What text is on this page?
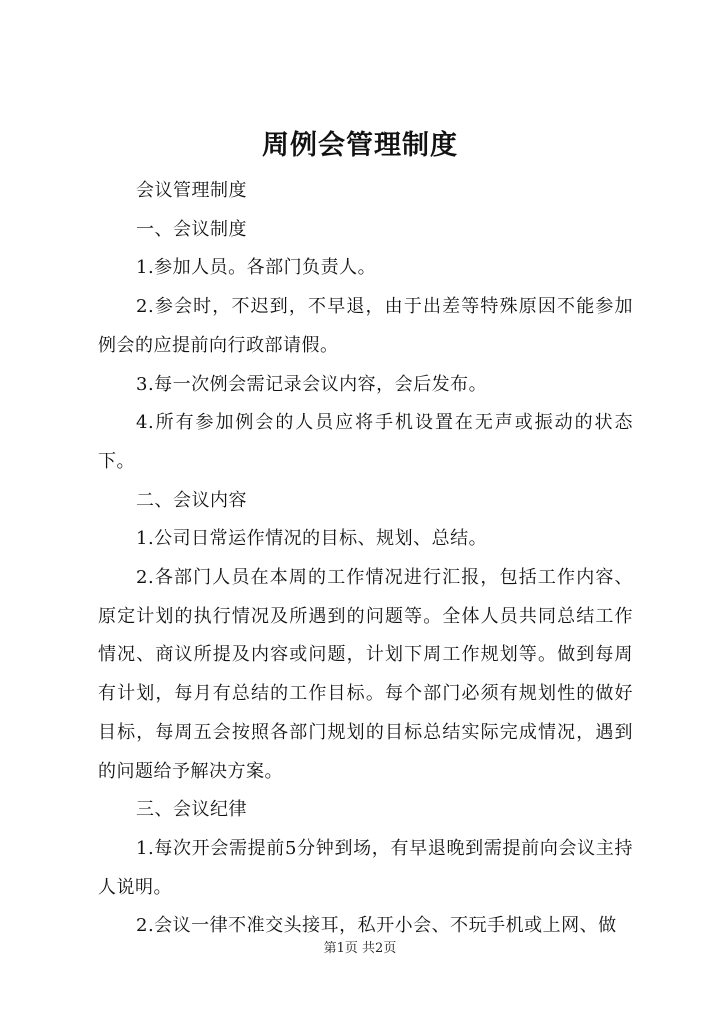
周例会管理制度

会议管理制度

一、会议制度

1.参加人员。各部门负责人。

2.参会时，不迟到，不早退，由于出差等特殊原因不能参加例会的应提前向行政部请假。

3.每一次例会需记录会议内容，会后发布。

4.所有参加例会的人员应将手机设置在无声或振动的状态下。

二、会议内容

1.公司日常运作情况的目标、规划、总结。

2.各部门人员在本周的工作情况进行汇报，包括工作内容、原定计划的执行情况及所遇到的问题等。全体人员共同总结工作情况、商议所提及内容或问题，计划下周工作规划等。做到每周有计划，每月有总结的工作目标。每个部门必须有规划性的做好目标，每周五会按照各部门规划的目标总结实际完成情况，遇到的问题给予解决方案。

三、会议纪律

1.每次开会需提前5分钟到场，有早退晚到需提前向会议主持人说明。

2.会议一律不准交头接耳，私开小会、不玩手机或上网、做

第1页 共2页
